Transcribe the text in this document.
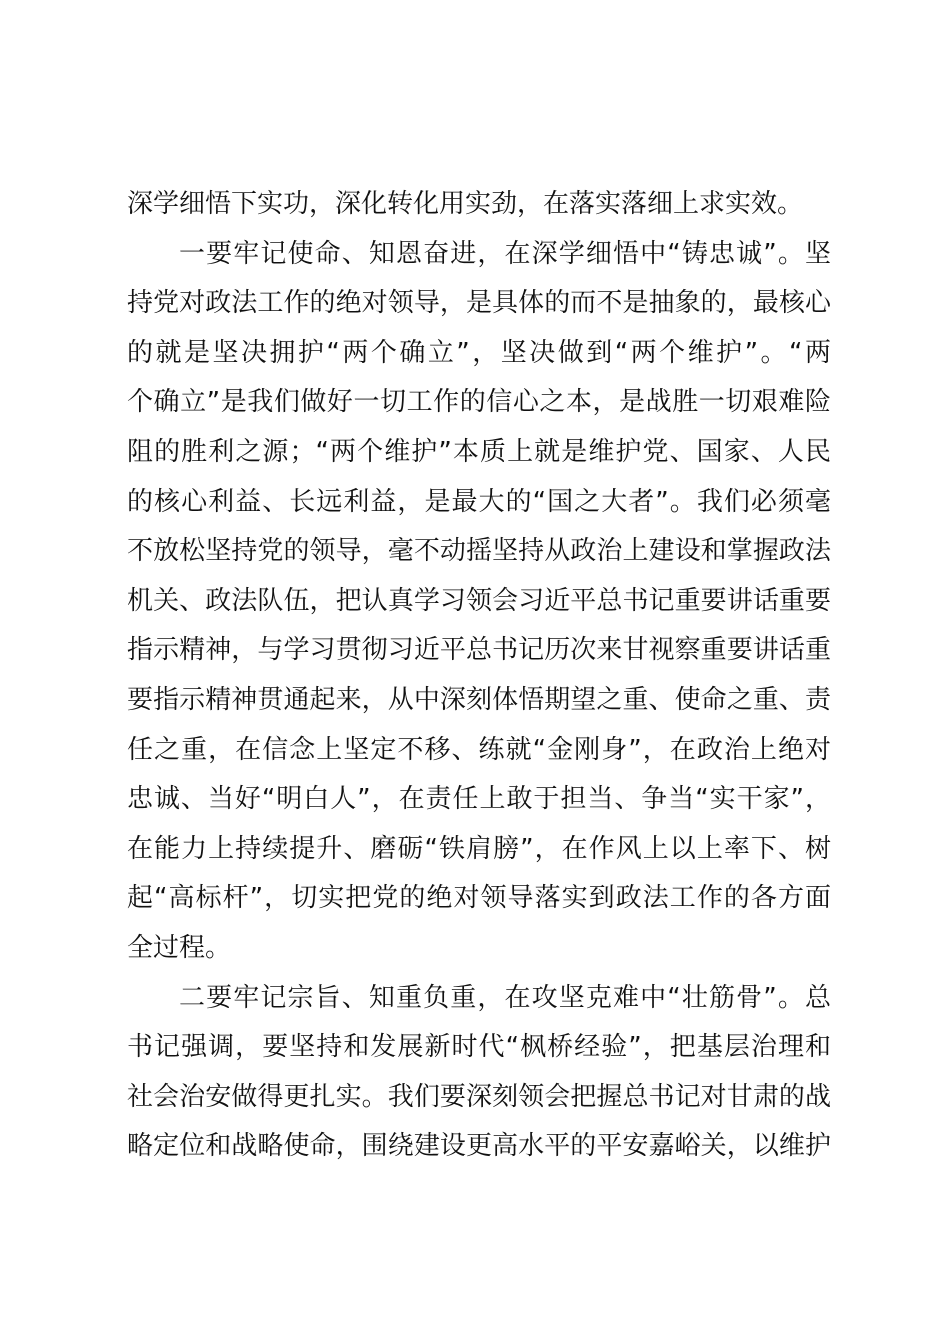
深学细悟下实功，深化转化用实劲，在落实落细上求实效。
一要牢记使命、知恩奋进，在深学细悟中“铸忠诚”。坚
持党对政法工作的绝对领导，是具体的而不是抽象的，最核心
的就是坚决拥护“两个确立”，坚决做到“两个维护”。“两
个确立”是我们做好一切工作的信心之本，是战胜一切艰难险
阻的胜利之源；“两个维护”本质上就是维护党、国家、人民
的核心利益、长远利益，是最大的“国之大者”。我们必须毫
不放松坚持党的领导，毫不动摇坚持从政治上建设和掌握政法
机关、政法队伍，把认真学习领会习近平总书记重要讲话重要
指示精神，与学习贯彻习近平总书记历次来甘视察重要讲话重
要指示精神贯通起来，从中深刻体悟期望之重、使命之重、责
任之重，在信念上坚定不移、练就“金刚身”，在政治上绝对
忠诚、当好“明白人”，在责任上敢于担当、争当“实干家”，
在能力上持续提升、磨砺“铁肩膀”，在作风上以上率下、树
起“高标杆”，切实把党的绝对领导落实到政法工作的各方面
全过程。
二要牢记宗旨、知重负重，在攻坚克难中“壮筋骨”。总
书记强调，要坚持和发展新时代“枫桥经验”，把基层治理和
社会治安做得更扎实。我们要深刻领会把握总书记对甘肃的战
略定位和战略使命，围绕建设更高水平的平安嘉峪关，以维护
